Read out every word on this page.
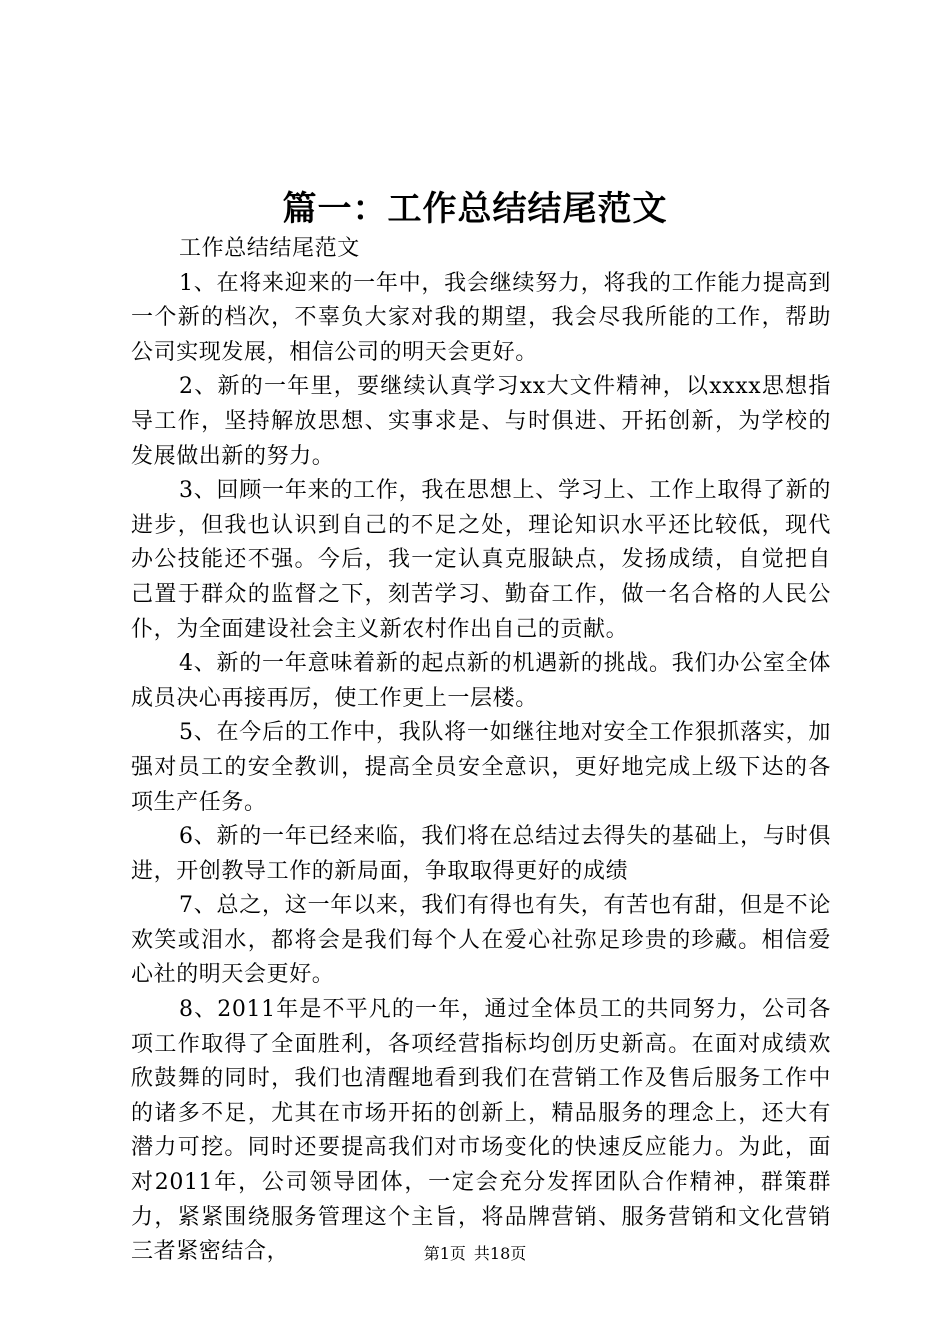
篇一：工作总结结尾范文

工作总结结尾范文

1、在将来迎来的一年中，我会继续努力，将我的工作能力提高到一个新的档次，不辜负大家对我的期望，我会尽我所能的工作，帮助公司实现发展，相信公司的明天会更好。

2、新的一年里，要继续认真学习xx大文件精神，以xxxx思想指导工作，坚持解放思想、实事求是、与时俱进、开拓创新，为学校的发展做出新的努力。

3、回顾一年来的工作，我在思想上、学习上、工作上取得了新的进步，但我也认识到自己的不足之处，理论知识水平还比较低，现代办公技能还不强。今后，我一定认真克服缺点，发扬成绩，自觉把自己置于群众的监督之下，刻苦学习、勤奋工作，做一名合格的人民公仆，为全面建设社会主义新农村作出自己的贡献。

4、新的一年意味着新的起点新的机遇新的挑战。我们办公室全体成员决心再接再厉，使工作更上一层楼。

5、在今后的工作中，我队将一如继往地对安全工作狠抓落实，加强对员工的安全教训，提高全员安全意识，更好地完成上级下达的各项生产任务。

6、新的一年已经来临，我们将在总结过去得失的基础上，与时俱进，开创教导工作的新局面，争取取得更好的成绩

7、总之，这一年以来，我们有得也有失，有苦也有甜，但是不论欢笑或泪水，都将会是我们每个人在爱心社弥足珍贵的珍藏。相信爱心社的明天会更好。

8、2011年是不平凡的一年，通过全体员工的共同努力，公司各项工作取得了全面胜利，各项经营指标均创历史新高。在面对成绩欢欣鼓舞的同时，我们也清醒地看到我们在营销工作及售后服务工作中的诸多不足，尤其在市场开拓的创新上，精品服务的理念上，还大有潜力可挖。同时还要提高我们对市场变化的快速反应能力。为此，面对2011年，公司领导团体，一定会充分发挥团队合作精神，群策群力，紧紧围绕服务管理这个主旨，将品牌营销、服务营销和文化营销三者紧密结合，	第1页 共18页
